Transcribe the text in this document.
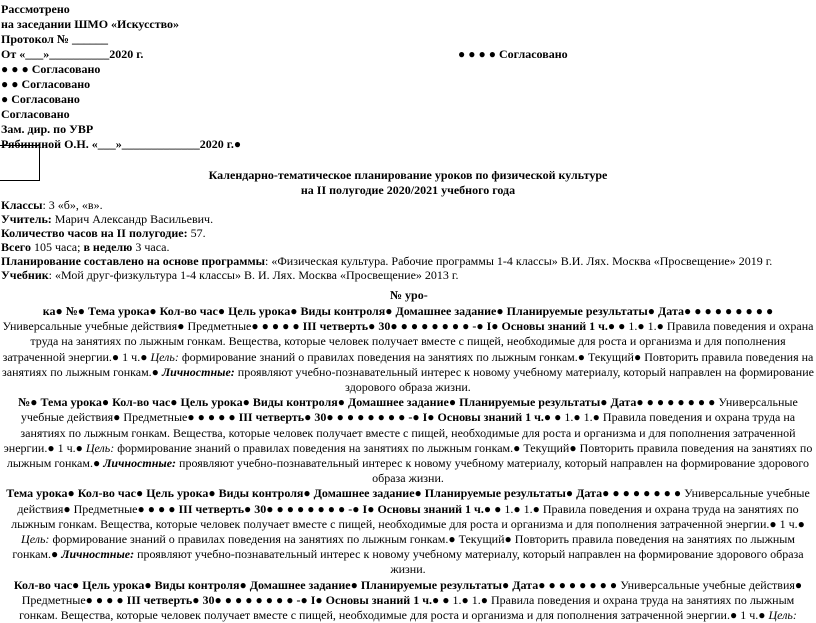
Рассмотрено
на заседании ШМО «Искусство»
Протокол № ______
От «___»__________2020 г.	● ● ● ● Согласовано
● ● ● Согласовано
● ● Согласовано
● Согласовано
Согласовано
Зам. дир. по УВР
Рябининой О.Н. «___»_____________2020 г.●
Календарно-тематическое планирование уроков по физической культуре
на II полугодие 2020/2021 учебного года
Классы: 3 «б», «в».
Учитель: Марич Александр Васильевич.
Количество часов на II полугодие: 57.
Всего 105 часа; в неделю 3 часа.
Планирование составлено на основе программы: «Физическая культура. Рабочие программы 1-4 классы» В.И. Лях. Москва «Просвещение» 2019 г.
Учебник: «Мой друг-физкультура 1-4 классы» В. И. Лях. Москва «Просвещение» 2013 г.
№ уро-

ка● №● Тема урока● Кол-во час● Цель урока● Виды контроля● Домашнее задание● Планируемые результаты● Дата● ● ● ● ● ● ● ● ● Универсальные учебные действия● Предметные● ● ● ● ● III четверть● 30● ● ● ● ● ● ● ● -● I● Основы знаний 1 ч.● ● 1.● 1.● Правила поведения и охрана труда на занятиях по лыжным гонкам. Вещества, которые человек получает вместе с пищей, необходимые для роста и организма и для пополнения затраченной энергии.● 1 ч.● Цель: формирование знаний о правилах поведения на занятиях по лыжным гонкам.● Текущий● Повторить правила поведения на занятиях по лыжным гонкам.● Личностные: проявляют учебно-познавательный интерес к новому учебному материалу, который направлен на формирование здорового образа жизни.

№● Тема урока● Кол-во час● Цель урока● Виды контроля● Домашнее задание● Планируемые результаты● Дата● ● ● ● ● ● ● ● Универсальные учебные действия● Предметные● ● ● ● ● III четверть● 30● ● ● ● ● ● ● ● -● I● Основы знаний 1 ч.● ● 1.● 1.● Правила поведения и охрана труда на занятиях по лыжным гонкам. Вещества, которые человек получает вместе с пищей, необходимые для роста и организма и для пополнения затраченной энергии.● 1 ч.● Цель: формирование знаний о правилах поведения на занятиях по лыжным гонкам.● Текущий● Повторить правила поведения на занятиях по лыжным гонкам.● Личностные: проявляют учебно-познавательный интерес к новому учебному материалу, который направлен на формирование здорового образа жизни.

Тема урока● Кол-во час● Цель урока● Виды контроля● Домашнее задание● Планируемые результаты● Дата● ● ● ● ● ● ● ● Универсальные учебные действия● Предметные● ● ● ● III четверть● 30● ● ● ● ● ● ● ● -● I● Основы знаний 1 ч.● ● 1.● 1.● Правила поведения и охрана труда на занятиях по лыжным гонкам. Вещества, которые человек получает вместе с пищей, необходимые для роста и организма и для пополнения затраченной энергии.● 1 ч.● Цель: формирование знаний о правилах поведения на занятиях по лыжным гонкам.● Текущий● Повторить правила поведения на занятиях по лыжным гонкам.● Личностные: проявляют учебно-познавательный интерес к новому учебному материалу, который направлен на формирование здорового образа жизни.

Кол-во час● Цель урока● Виды контроля● Домашнее задание● Планируемые результаты● Дата● ● ● ● ● ● ● ● Универсальные учебные действия● Предметные● ● ● ● III четверть● 30● ● ● ● ● ● ● ● -● I● Основы знаний 1 ч.● ● 1.● 1.● Правила поведения и охрана труда на занятиях по лыжным гонкам. Вещества, которые человек получает вместе с пищей, необходимые для роста и организма и для пополнения затраченной энергии.● 1 ч.● Цель:
